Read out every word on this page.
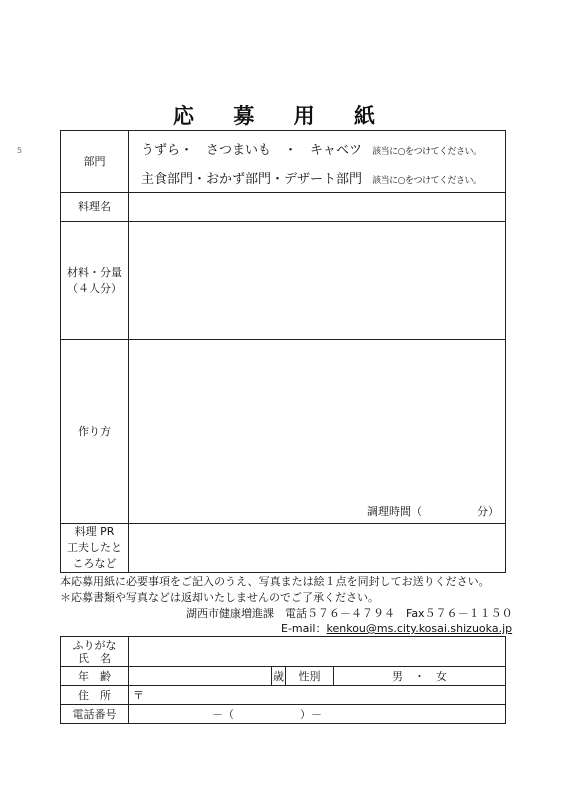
5
応 募 用 紙
部門	うずら・　さつまいも　・　キャベツ 該当に○をつけてください。
主食部門・おかず部門・デザート部門 該当に○をつけてください。

料理名	

材料・分量
（４人分）	

作り方	調理時間（　　　　　分）

料理 PR
工夫したと
ころなど	

本応募用紙に必要事項をご記入のうえ、写真または絵１点を同封してお送りください。
＊応募書類や写真などは返却いたしませんのでご了承ください。
湖西市健康増進課　電話５７６－４７９４　Fax５７６－１１５０
E-mail：kenkou@ms.city.kosai.shizuoka.jp
ふりがな
氏　名				

年　齢		歳	性別	男　・　女
住　所	〒			
電話番号	－（　　　　　　）－			
